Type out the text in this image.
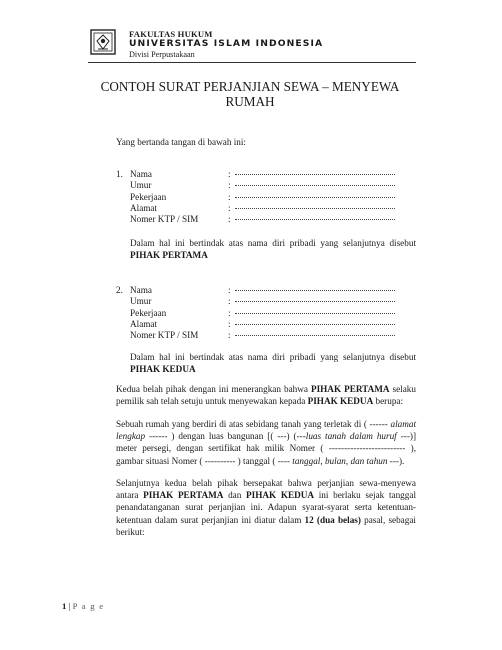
FAKULTAS HUKUM
UNIVERSITAS ISLAM INDONESIA
Divisi Perpustakaan
CONTOH SURAT PERJANJIAN SEWA – MENYEWA
RUMAH
Yang bertanda tangan di bawah ini:
1. Nama	:
Umur	:
Pekerjaan	:
Alamat	:
Nomer KTP / SIM	:
Dalam hal ini bertindak atas nama diri pribadi yang selanjutnya disebut PIHAK PERTAMA
2. Nama	:
Umur	:
Pekerjaan	:
Alamat	:
Nomer KTP / SIM	:
Dalam hal ini bertindak atas nama diri pribadi yang selanjutnya disebut PIHAK KEDUA
Kedua belah pihak dengan ini menerangkan bahwa PIHAK PERTAMA selaku pemilik sah telah setuju untuk menyewakan kepada PIHAK KEDUA berupa:
Sebuah rumah yang berdiri di atas sebidang tanah yang terletak di ( ------ alamat lengkap ------ ) dengan luas bangunan [( ---) (---luas tanah dalam huruf ---)] meter persegi, dengan sertifikat hak milik Nomer ( ------------------------- ), gambar situasi Nomer ( ---------- ) tanggal ( ---- tanggal, bulan, dan tahun ---).
Selanjutnya kedua belah pihak bersepakat bahwa perjanjian sewa-menyewa antara PIHAK PERTAMA dan PIHAK KEDUA ini berlaku sejak tanggal penandatanganan surat perjanjian ini. Adapun syarat-syarat serta ketentuan-ketentuan dalam surat perjanjian ini diatur dalam 12 (dua belas) pasal, sebagai berikut:
1 | P a g e
